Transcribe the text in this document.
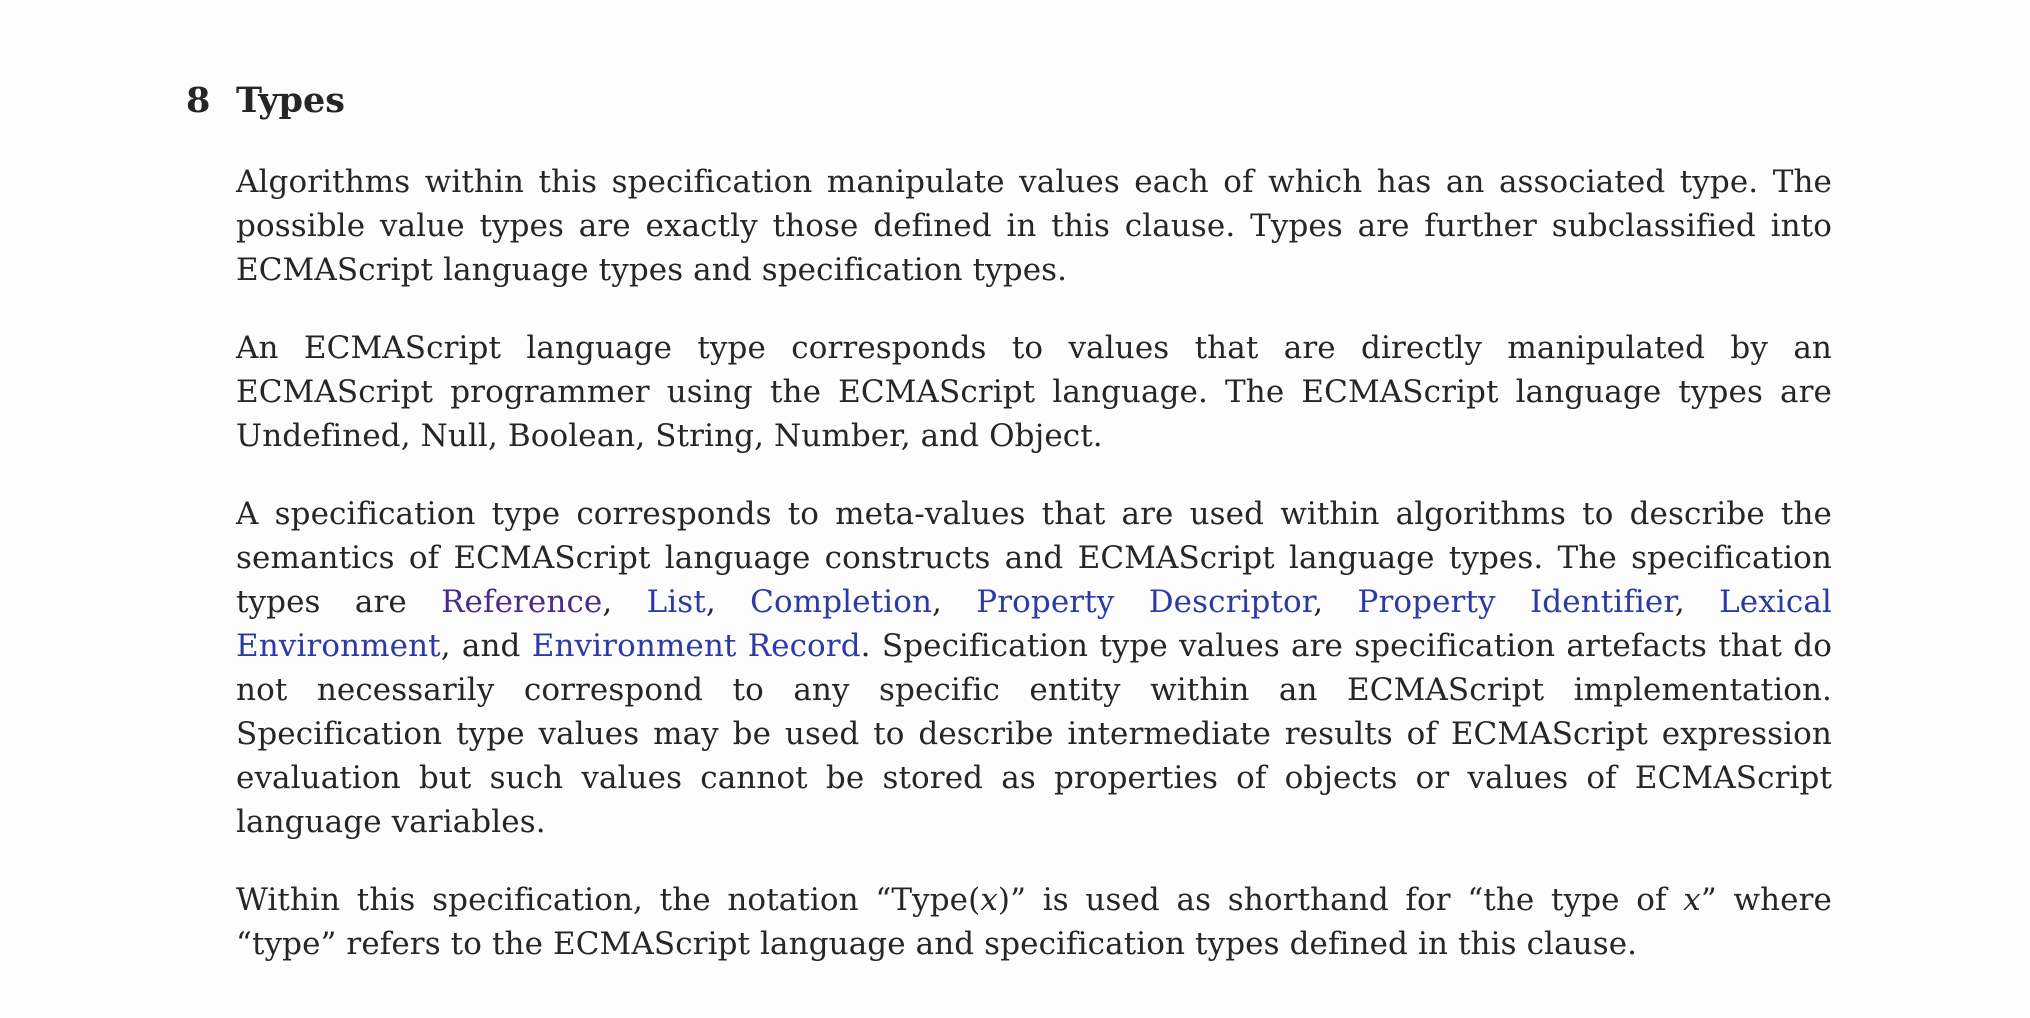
8 Types

Algorithms within this specification manipulate values each of which has an associated type. The possible value types are exactly those defined in this clause. Types are further subclassified into ECMAScript language types and specification types.

An ECMAScript language type corresponds to values that are directly manipulated by an ECMAScript programmer using the ECMAScript language. The ECMAScript language types are Undefined, Null, Boolean, String, Number, and Object.

A specification type corresponds to meta-values that are used within algorithms to describe the semantics of ECMAScript language constructs and ECMAScript language types. The specification types are Reference, List, Completion, Property Descriptor, Property Identifier, Lexical Environment, and Environment Record. Specification type values are specification artefacts that do not necessarily correspond to any specific entity within an ECMAScript implementation. Specification type values may be used to describe intermediate results of ECMAScript expression evaluation but such values cannot be stored as properties of objects or values of ECMAScript language variables.

Within this specification, the notation “Type(x)” is used as shorthand for “the type of x” where “type” refers to the ECMAScript language and specification types defined in this clause.
